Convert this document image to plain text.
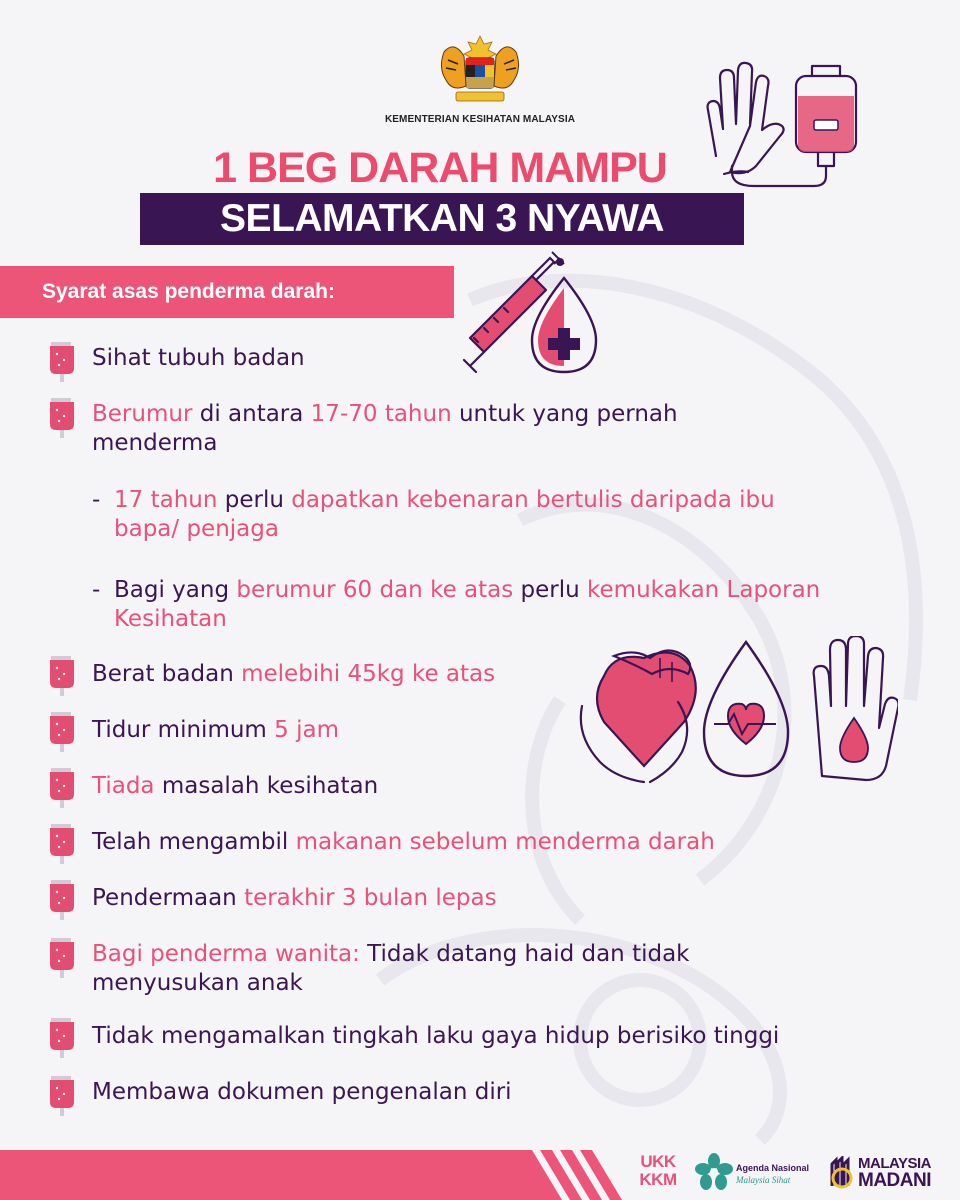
KEMENTERIAN KESIHATAN MALAYSIA
1 BEG DARAH MAMPU
SELAMATKAN 3 NYAWA
Syarat asas penderma darah:
Sihat tubuh badan
Berumur di antara 17-70 tahun untuk yang pernah
menderma
- 17 tahun perlu dapatkan kebenaran bertulis daripada ibu
bapa/ penjaga
- Bagi yang berumur 60 dan ke atas perlu kemukakan Laporan
Kesihatan
Berat badan melebihi 45kg ke atas
Tidur minimum 5 jam
Tiada masalah kesihatan
Telah mengambil makanan sebelum menderma darah
Pendermaan terakhir 3 bulan lepas
Bagi penderma wanita: Tidak datang haid dan tidak
menyusukan anak
Tidak mengamalkan tingkah laku gaya hidup berisiko tinggi
Membawa dokumen pengenalan diri
UKK
KKM
Agenda Nasional
Malaysia Sihat
MALAYSIA
MADANI
